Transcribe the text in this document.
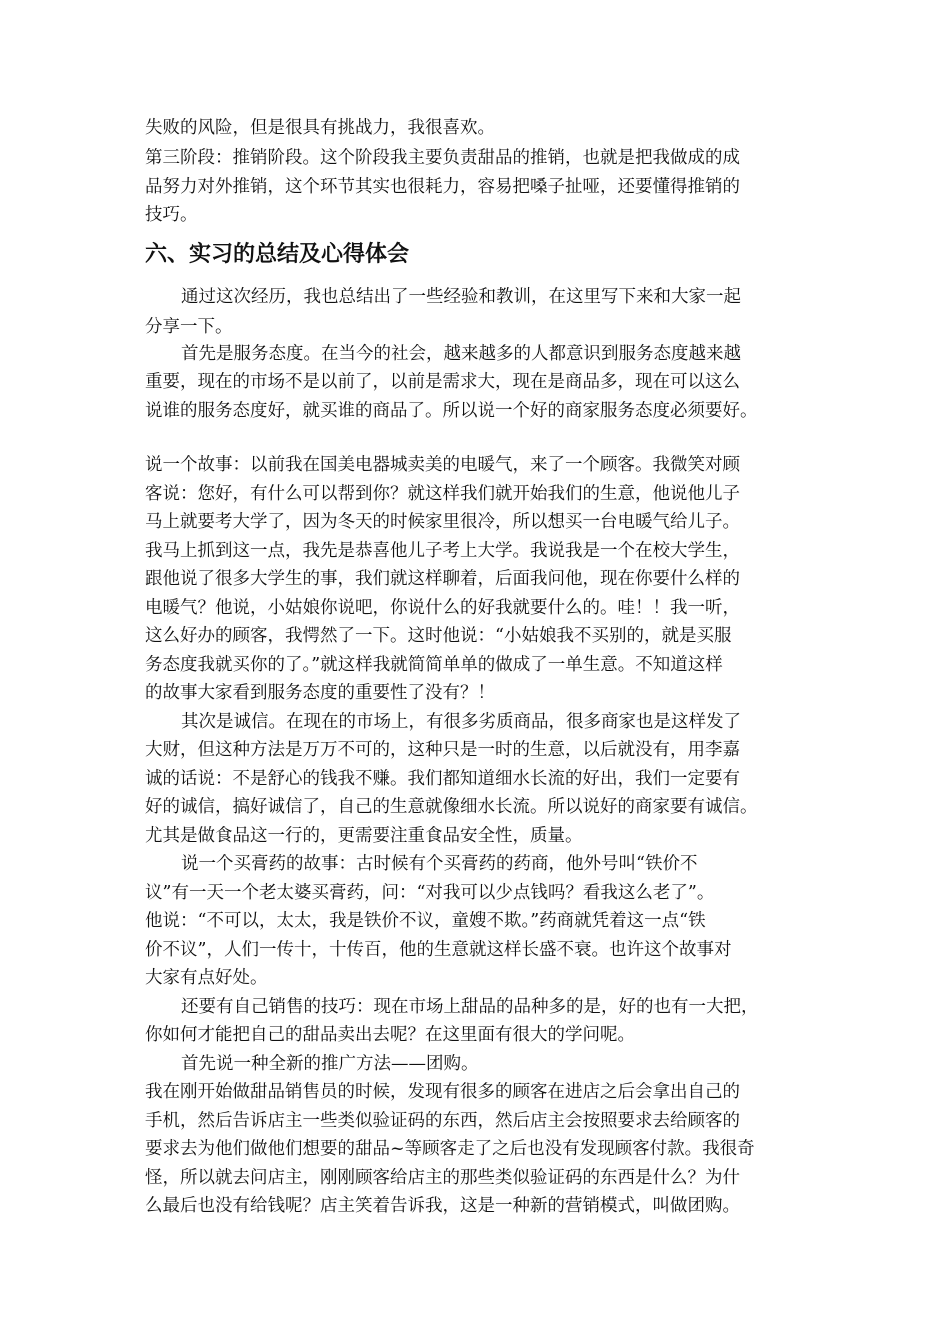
失败的风险，但是很具有挑战力，我很喜欢。
第三阶段：推销阶段。这个阶段我主要负责甜品的推销，也就是把我做成的成
品努力对外推销，这个环节其实也很耗力，容易把嗓子扯哑，还要懂得推销的
技巧。
六、实习的总结及心得体会
通过这次经历，我也总结出了一些经验和教训，在这里写下来和大家一起
分享一下。
首先是服务态度。在当今的社会，越来越多的人都意识到服务态度越来越
重要，现在的市场不是以前了，以前是需求大，现在是商品多，现在可以这么
说谁的服务态度好，就买谁的商品了。所以说一个好的商家服务态度必须要好。
说一个故事：以前我在国美电器城卖美的电暖气，来了一个顾客。我微笑对顾
客说：您好，有什么可以帮到你？就这样我们就开始我们的生意，他说他儿子
马上就要考大学了，因为冬天的时候家里很冷，所以想买一台电暖气给儿子。
我马上抓到这一点，我先是恭喜他儿子考上大学。我说我是一个在校大学生，
跟他说了很多大学生的事，我们就这样聊着，后面我问他，现在你要什么样的
电暖气？他说，小姑娘你说吧，你说什么的好我就要什么的。哇！！我一听，
这么好办的顾客，我愕然了一下。这时他说：“小姑娘我不买别的，就是买服
务态度我就买你的了。”就这样我就简简单单的做成了一单生意。不知道这样
的故事大家看到服务态度的重要性了没有？！
其次是诚信。在现在的市场上，有很多劣质商品，很多商家也是这样发了
大财，但这种方法是万万不可的，这种只是一时的生意，以后就没有，用李嘉
诚的话说：不是舒心的钱我不赚。我们都知道细水长流的好出，我们一定要有
好的诚信，搞好诚信了，自己的生意就像细水长流。所以说好的商家要有诚信。
尤其是做食品这一行的，更需要注重食品安全性，质量。
说一个买膏药的故事：古时候有个买膏药的药商，他外号叫“铁价不
议”有一天一个老太婆买膏药，问：“对我可以少点钱吗？看我这么老了”。
他说：“不可以，太太，我是铁价不议，童嫂不欺。”药商就凭着这一点“铁
价不议”，人们一传十，十传百，他的生意就这样长盛不衰。也许这个故事对
大家有点好处。
还要有自己销售的技巧：现在市场上甜品的品种多的是，好的也有一大把，
你如何才能把自己的甜品卖出去呢？在这里面有很大的学问呢。
首先说一种全新的推广方法——团购。
我在刚开始做甜品销售员的时候，发现有很多的顾客在进店之后会拿出自己的
手机，然后告诉店主一些类似验证码的东西，然后店主会按照要求去给顾客的
要求去为他们做他们想要的甜品~等顾客走了之后也没有发现顾客付款。我很奇
怪，所以就去问店主，刚刚顾客给店主的那些类似验证码的东西是什么？为什
么最后也没有给钱呢？店主笑着告诉我，这是一种新的营销模式，叫做团购。
